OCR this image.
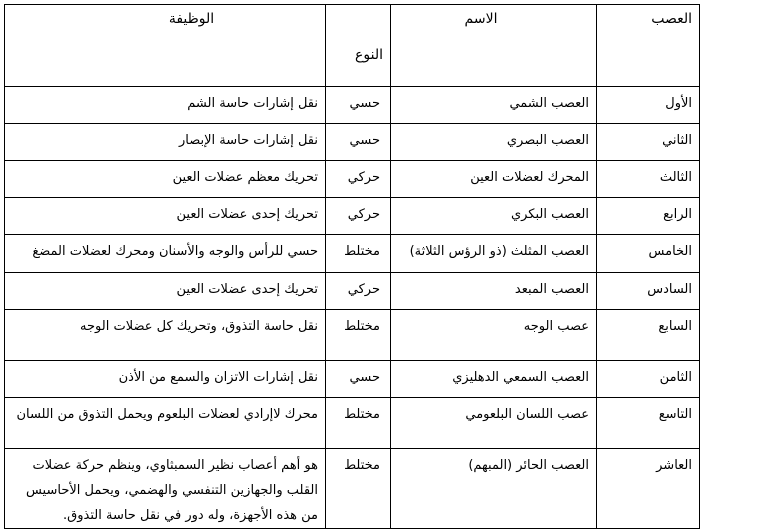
العصب	الاسم	النوع	الوظيفة
الأول	العصب الشمي	حسي	نقل إشارات حاسة الشم
الثاني	العصب البصري	حسي	نقل إشارات حاسة الإبصار
الثالث	المحرك لعضلات العين	حركي	تحريك معظم عضلات العين
الرابع	العصب البكري	حركي	تحريك إحدى عضلات العين
الخامس	العصب المثلث (ذو الرؤس الثلاثة)	مختلط	حسي للرأس والوجه والأسنان ومحرك لعضلات المضغ
السادس	العصب المبعد	حركي	تحريك إحدى عضلات العين
السابع	عصب الوجه	مختلط	نقل حاسة التذوق، وتحريك كل عضلات الوجه
الثامن	العصب السمعي الدهليزي	حسي	نقل إشارات الاتزان والسمع من الأذن
التاسع	عصب اللسان البلعومي	مختلط	محرك لاإرادي لعضلات البلعوم ويحمل التذوق من اللسان
العاشر	العصب الحائر (المبهم)	مختلط	هو أهم أعصاب نظير السمبثاوي، وينظم حركة عضلات القلب والجهازين التنفسي والهضمي، ويحمل الأحاسيس من هذه الأجهزة، وله دور في نقل حاسة التذوق.
